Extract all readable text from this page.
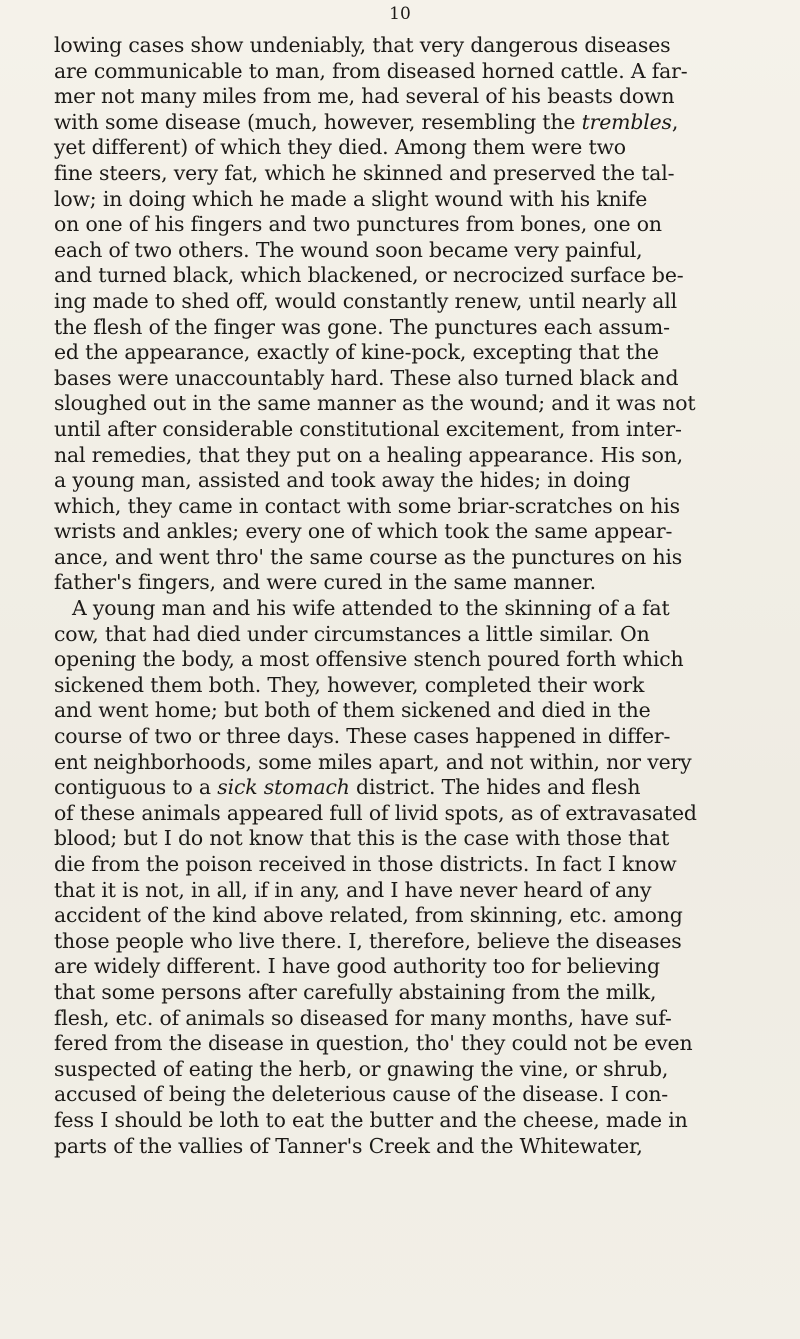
10
lowing cases show undeniably, that very dangerous diseases
are communicable to man, from diseased horned cattle. A far-
mer not many miles from me, had several of his beasts down
with some disease (much, however, resembling the trembles,
yet different) of which they died. Among them were two
fine steers, very fat, which he skinned and preserved the tal-
low; in doing which he made a slight wound with his knife
on one of his fingers and two punctures from bones, one on
each of two others. The wound soon became very painful,
and turned black, which blackened, or necrocized surface be-
ing made to shed off, would constantly renew, until nearly all
the flesh of the finger was gone. The punctures each assum-
ed the appearance, exactly of kine-pock, excepting that the
bases were unaccountably hard. These also turned black and
sloughed out in the same manner as the wound; and it was not
until after considerable constitutional excitement, from inter-
nal remedies, that they put on a healing appearance. His son,
a young man, assisted and took away the hides; in doing
which, they came in contact with some briar-scratches on his
wrists and ankles; every one of which took the same appear-
ance, and went thro' the same course as the punctures on his
father's fingers, and were cured in the same manner.
A young man and his wife attended to the skinning of a fat
cow, that had died under circumstances a little similar. On
opening the body, a most offensive stench poured forth which
sickened them both. They, however, completed their work
and went home; but both of them sickened and died in the
course of two or three days. These cases happened in differ-
ent neighborhoods, some miles apart, and not within, nor very
contiguous to a sick stomach district. The hides and flesh
of these animals appeared full of livid spots, as of extravasated
blood; but I do not know that this is the case with those that
die from the poison received in those districts. In fact I know
that it is not, in all, if in any, and I have never heard of any
accident of the kind above related, from skinning, etc. among
those people who live there. I, therefore, believe the diseases
are widely different. I have good authority too for believing
that some persons after carefully abstaining from the milk,
flesh, etc. of animals so diseased for many months, have suf-
fered from the disease in question, tho' they could not be even
suspected of eating the herb, or gnawing the vine, or shrub,
accused of being the deleterious cause of the disease. I con-
fess I should be loth to eat the butter and the cheese, made in
parts of the vallies of Tanner's Creek and the Whitewater,
